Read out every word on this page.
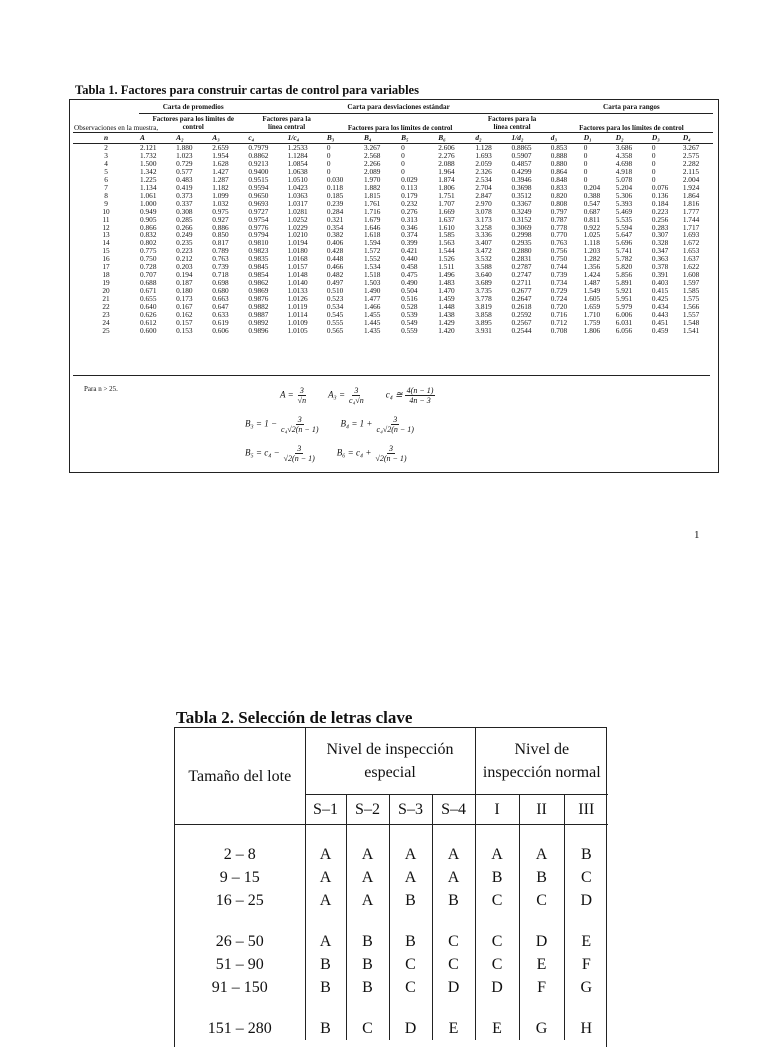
Tabla 1. Factores para construir cartas de control para variables
Observaciones en la muestra,	Carta de promedios			Carta para desviaciones estándar								Carta para rangos				
	Factores para los límites de control			Factores para la línea central		Factores para los límites de control				Factores para la línea central		Factores para los límites de control				
n	A	A₂	A₃	c₄	1/c₄	B₃	B₄	B₅	B₆	d₂	1/d₂	d₃	D₁	D₂	D₃	D₄
2	2.121	1.880	2.659	0.7979	1.2533	0	3.267	0	2.606	1.128	0.8865	0.853	0	3.686	0	3.267
3	1.732	1.023	1.954	0.8862	1.1284	0	2.568	0	2.276	1.693	0.5907	0.888	0	4.358	0	2.575
4	1.500	0.729	1.628	0.9213	1.0854	0	2.266	0	2.088	2.059	0.4857	0.880	0	4.698	0	2.282
5	1.342	0.577	1.427	0.9400	1.0638	0	2.089	0	1.964	2.326	0.4299	0.864	0	4.918	0	2.115
6	1.225	0.483	1.287	0.9515	1.0510	0.030	1.970	0.029	1.874	2.534	0.3946	0.848	0	5.078	0	2.004
7	1.134	0.419	1.182	0.9594	1.0423	0.118	1.882	0.113	1.806	2.704	0.3698	0.833	0.204	5.204	0.076	1.924
8	1.061	0.373	1.099	0.9650	1.0363	0.185	1.815	0.179	1.751	2.847	0.3512	0.820	0.388	5.306	0.136	1.864
9	1.000	0.337	1.032	0.9693	1.0317	0.239	1.761	0.232	1.707	2.970	0.3367	0.808	0.547	5.393	0.184	1.816
10	0.949	0.308	0.975	0.9727	1.0281	0.284	1.716	0.276	1.669	3.078	0.3249	0.797	0.687	5.469	0.223	1.777
11	0.905	0.285	0.927	0.9754	1.0252	0.321	1.679	0.313	1.637	3.173	0.3152	0.787	0.811	5.535	0.256	1.744
12	0.866	0.266	0.886	0.9776	1.0229	0.354	1.646	0.346	1.610	3.258	0.3069	0.778	0.922	5.594	0.283	1.717
13	0.832	0.249	0.850	0.9794	1.0210	0.382	1.618	0.374	1.585	3.336	0.2998	0.770	1.025	5.647	0.307	1.693
14	0.802	0.235	0.817	0.9810	1.0194	0.406	1.594	0.399	1.563	3.407	0.2935	0.763	1.118	5.696	0.328	1.672
15	0.775	0.223	0.789	0.9823	1.0180	0.428	1.572	0.421	1.544	3.472	0.2880	0.756	1.203	5.741	0.347	1.653
16	0.750	0.212	0.763	0.9835	1.0168	0.448	1.552	0.440	1.526	3.532	0.2831	0.750	1.282	5.782	0.363	1.637
17	0.728	0.203	0.739	0.9845	1.0157	0.466	1.534	0.458	1.511	3.588	0.2787	0.744	1.356	5.820	0.378	1.622
18	0.707	0.194	0.718	0.9854	1.0148	0.482	1.518	0.475	1.496	3.640	0.2747	0.739	1.424	5.856	0.391	1.608
19	0.688	0.187	0.698	0.9862	1.0140	0.497	1.503	0.490	1.483	3.689	0.2711	0.734	1.487	5.891	0.403	1.597
20	0.671	0.180	0.680	0.9869	1.0133	0.510	1.490	0.504	1.470	3.735	0.2677	0.729	1.549	5.921	0.415	1.585
21	0.655	0.173	0.663	0.9876	1.0126	0.523	1.477	0.516	1.459	3.778	0.2647	0.724	1.605	5.951	0.425	1.575
22	0.640	0.167	0.647	0.9882	1.0119	0.534	1.466	0.528	1.448	3.819	0.2618	0.720	1.659	5.979	0.434	1.566
23	0.626	0.162	0.633	0.9887	1.0114	0.545	1.455	0.539	1.438	3.858	0.2592	0.716	1.710	6.006	0.443	1.557
24	0.612	0.157	0.619	0.9892	1.0109	0.555	1.445	0.549	1.429	3.895	0.2567	0.712	1.759	6.031	0.451	1.548
25	0.600	0.153	0.606	0.9896	1.0105	0.565	1.435	0.559	1.420	3.931	0.2544	0.708	1.806	6.056	0.459	1.541
Para n > 25.
$A = \frac{3}{√n} A_3 = \frac{3}{\text{c₄√n}} c_4$ ≅ $\frac{4(n - 1)}{4n - 3}$
$B_3 = 1 - \frac{3}{\text{c₄√2(n − 1)}} B_4 = 1 + \frac{3}{\text{c₄√2(n − 1)}}$
$B_5 = c_4 - \frac{3}{√2(n - 1)} B_6 = c_4 + \frac{3}{√2(n - 1)}$
1
Tabla 2. Selección de letras clave
Tamaño del lote	Nivel de inspección especial				Nivel de inspección normal		
	S–1	S–2	S–3	S–4	I	II	III

2 – 8	A	A	A	A	A	A	B
9 – 15	A	A	A	A	B	B	C
16 – 25	A	A	B	B	C	C	D

26 – 50	A	B	B	C	C	D	E
51 – 90	B	B	C	C	C	E	F
91 – 150	B	B	C	D	D	F	G

151 – 280	B	C	D	E	E	G	H
